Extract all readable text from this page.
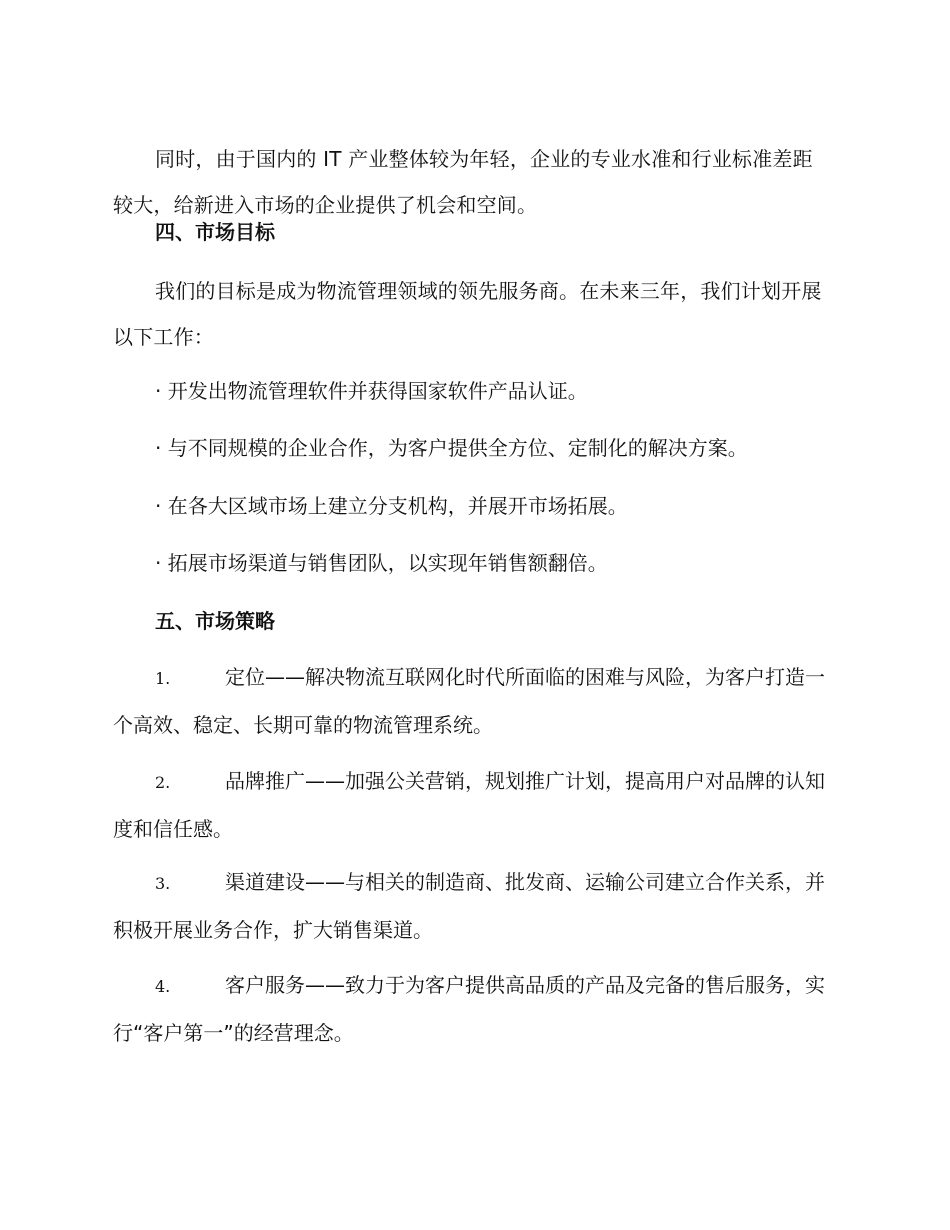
同时，由于国内的 IT 产业整体较为年轻，企业的专业水准和行业标准差距较大，给新进入市场的企业提供了机会和空间。

四、市场目标

我们的目标是成为物流管理领域的领先服务商。在未来三年，我们计划开展以下工作：

· 开发出物流管理软件并获得国家软件产品认证。

· 与不同规模的企业合作，为客户提供全方位、定制化的解决方案。

· 在各大区域市场上建立分支机构，并展开市场拓展。

· 拓展市场渠道与销售团队，以实现年销售额翻倍。

五、市场策略

1.	定位——解决物流互联网化时代所面临的困难与风险，为客户打造一个高效、稳定、长期可靠的物流管理系统。

2.	品牌推广——加强公关营销，规划推广计划，提高用户对品牌的认知度和信任感。

3.	渠道建设——与相关的制造商、批发商、运输公司建立合作关系，并积极开展业务合作，扩大销售渠道。

4.	客户服务——致力于为客户提供高品质的产品及完备的售后服务，实行“客户第一”的经营理念。
